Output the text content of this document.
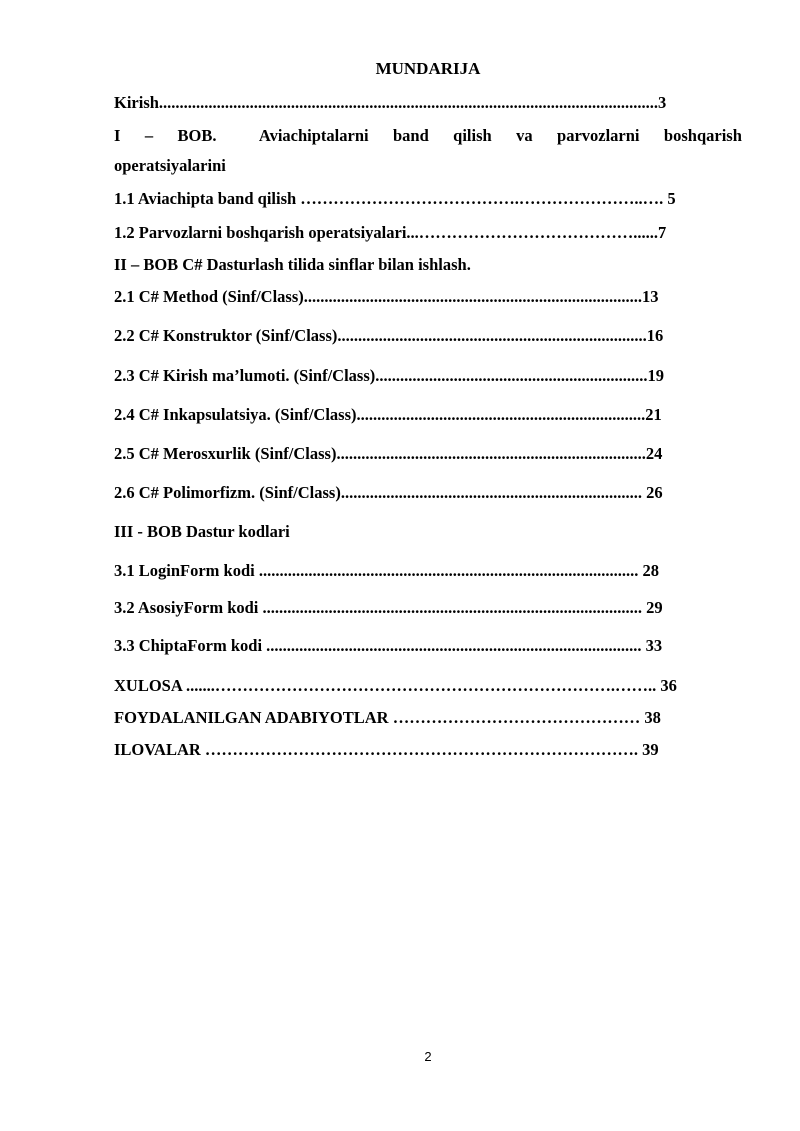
MUNDARIJA
Kirish.........................................................................................................................3
I – BOB.	Aviachiptalarni band qilish va parvozlarni boshqarish
operatsiyalarini
1.1 Aviachipta band qilish ………………………………….…………………..…. 5
1.2 Parvozlarni boshqarish operatsiyalari...…………………………………......7
II – BOB C# Dasturlash tilida sinflar bilan ishlash.
2.1 C# Method (Sinf/Class)..................................................................................13
2.2 C# Konstruktor (Sinf/Class)...........................................................................16
2.3 C# Kirish ma’lumoti. (Sinf/Class)..................................................................19
2.4 C# Inkapsulatsiya. (Sinf/Class)......................................................................21
2.5 C# Merosxurlik (Sinf/Class)...........................................................................24
2.6 C# Polimorfizm. (Sinf/Class)......................................................................... 26
III - BOB Dastur kodlari
3.1 LoginForm kodi ............................................................................................ 28
3.2 AsosiyForm kodi ............................................................................................ 29
3.3 ChiptaForm kodi ........................................................................................... 33
XULOSA .......……………………………………………………………….…….. 36
FOYDALANILGAN ADABIYOTLAR ……………………………………… 38
ILOVALAR ……………………………………………………………………. 39
2
